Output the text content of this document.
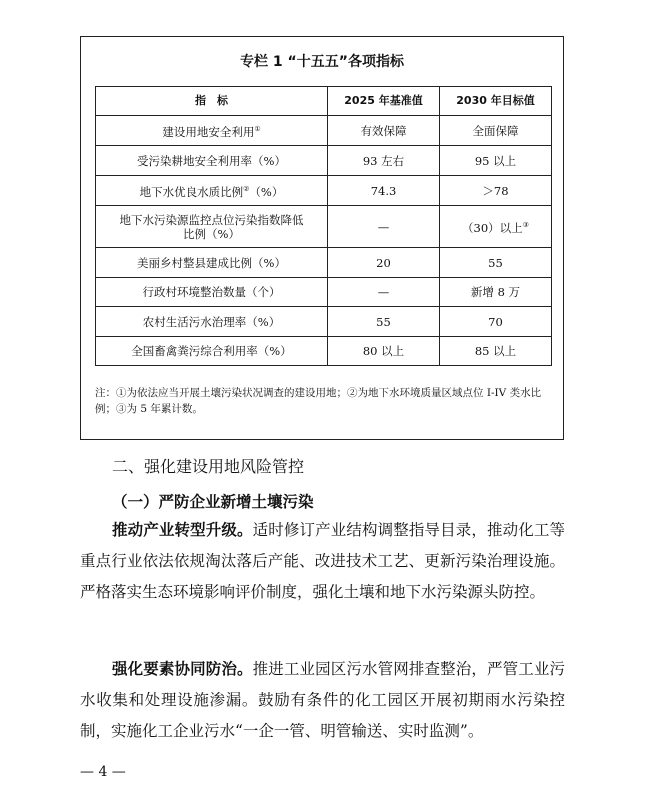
专栏 1 “十五五”各项指标
指　标	2025 年基准值	2030 年目标值
建设用地安全利用①	有效保障	全面保障
受污染耕地安全利用率（%）	93 左右	95 以上
地下水优良水质比例②（%）	74.3	＞78
地下水污染源监控点位污染指数降低比例（%）	—	（30）以上③
美丽乡村整县建成比例（%）	20	55
行政村环境整治数量（个）	—	新增 8 万
农村生活污水治理率（%）	55	70
全国畜禽粪污综合利用率（%）	80 以上	85 以上
注：①为依法应当开展土壤污染状况调查的建设用地；②为地下水环境质量区域点位 I-IV 类水比例；③为 5 年累计数。
二、强化建设用地风险管控
（一）严防企业新增土壤污染

推动产业转型升级。适时修订产业结构调整指导目录，推动化工等重点行业依法依规淘汰落后产能、改进技术工艺、更新污染治理设施。严格落实生态环境影响评价制度，强化土壤和地下水污染源头防控。

强化要素协同防治。推进工业园区污水管网排查整治，严管工业污水收集和处理设施渗漏。鼓励有条件的化工园区开展初期雨水污染控制，实施化工企业污水“一企一管、明管输送、实时监测”。

— 4 —
